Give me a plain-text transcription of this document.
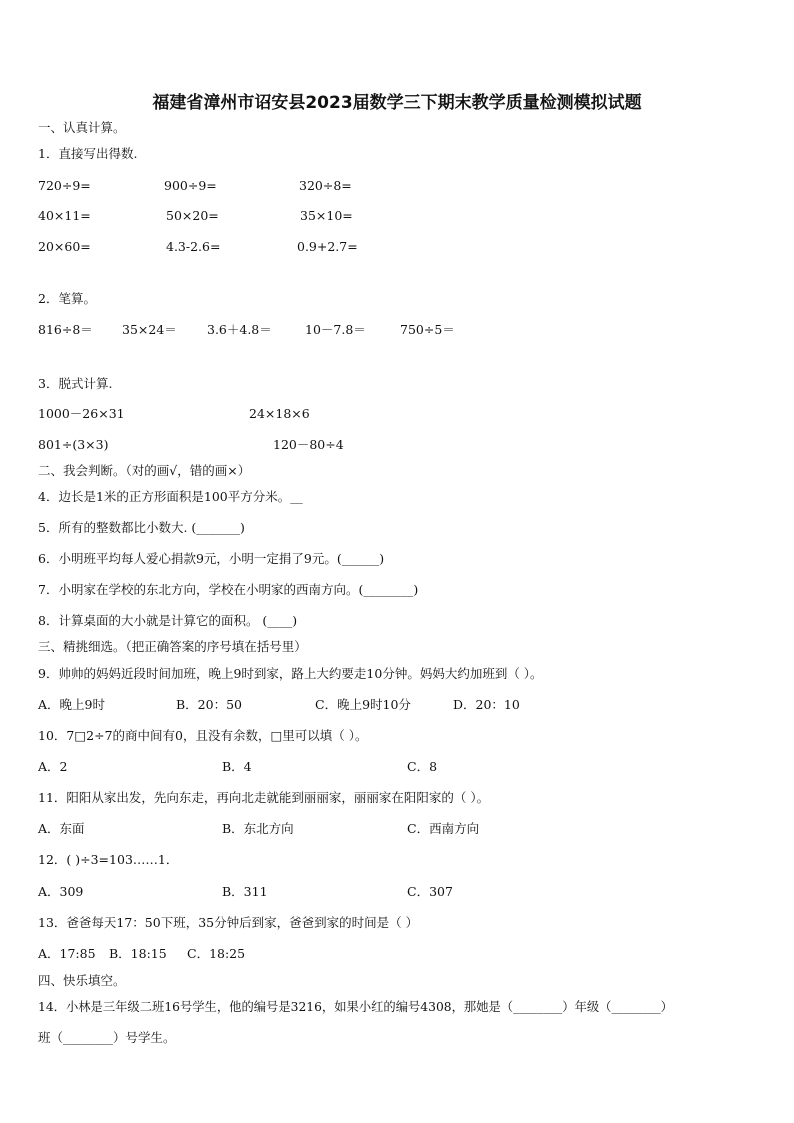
福建省漳州市诏安县2023届数学三下期末教学质量检测模拟试题
一、认真计算。
1．直接写出得数.
720÷9=	900÷9=	320÷8=
40×11=	50×20=	35×10=
20×60=	4.3-2.6=	0.9+2.7=
2．笔算。
816÷8＝ 35×24＝ 3.6＋4.8＝	10－7.8＝	750÷5＝
3．脱式计算.
1000－26×31	24×18×6
801÷(3×3)	120－80÷4
二、我会判断。（对的画√，错的画×）
4．边长是1米的正方形面积是100平方分米。__
5．所有的整数都比小数大. (_______)
6．小明班平均每人爱心捐款9元，小明一定捐了9元。(______)
7．小明家在学校的东北方向，学校在小明家的西南方向。(________)
8．计算桌面的大小就是计算它的面积。 (____)
三、精挑细选。（把正确答案的序号填在括号里）
9．帅帅的妈妈近段时间加班，晚上9时到家，路上大约要走10分钟。妈妈大约加班到（ ）。
A．晚上9时	B．20：50	C．晚上9时10分	D．20：10
10．7□2÷7的商中间有0，且没有余数，□里可以填（ ）。
A．2	B．4	C．8
11．阳阳从家出发，先向东走，再向北走就能到丽丽家，丽丽家在阳阳家的（ ）。
A．东面	B．东北方向	C．西南方向
12．( )÷3=103……1．
A．309	B．311	C．307
13．爸爸每天17：50下班，35分钟后到家，爸爸到家的时间是（ ）
A．17:85 B．18:15 C．18:25
四、快乐填空。
14．小林是三年级二班16号学生，他的编号是3216，如果小红的编号4308，那她是（________）年级（________）
班（________）号学生。
